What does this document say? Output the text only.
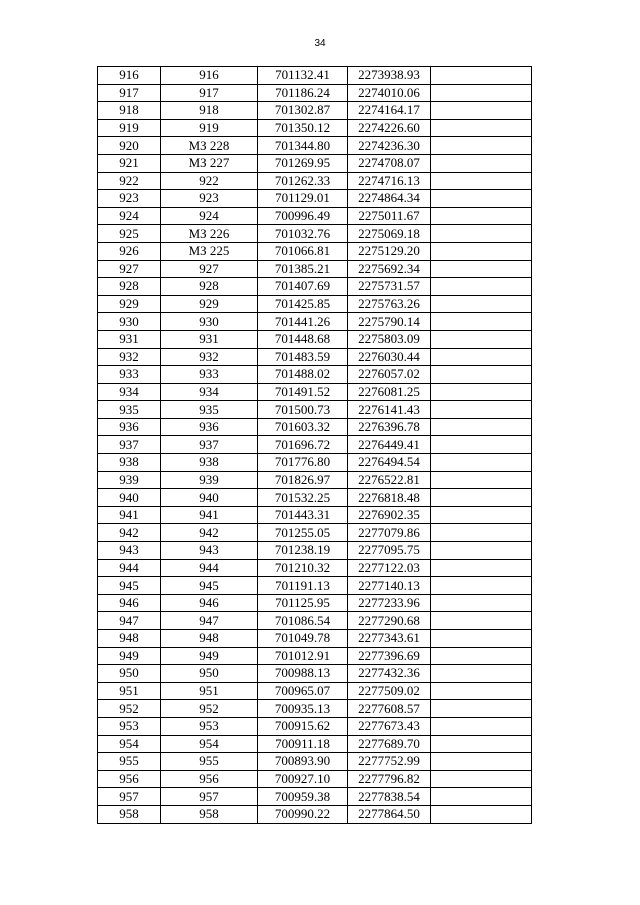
34
916	916	701132.41	2273938.93	
917	917	701186.24	2274010.06	
918	918	701302.87	2274164.17	
919	919	701350.12	2274226.60	
920	МЗ 228	701344.80	2274236.30	
921	МЗ 227	701269.95	2274708.07	
922	922	701262.33	2274716.13	
923	923	701129.01	2274864.34	
924	924	700996.49	2275011.67	
925	МЗ 226	701032.76	2275069.18	
926	МЗ 225	701066.81	2275129.20	
927	927	701385.21	2275692.34	
928	928	701407.69	2275731.57	
929	929	701425.85	2275763.26	
930	930	701441.26	2275790.14	
931	931	701448.68	2275803.09	
932	932	701483.59	2276030.44	
933	933	701488.02	2276057.02	
934	934	701491.52	2276081.25	
935	935	701500.73	2276141.43	
936	936	701603.32	2276396.78	
937	937	701696.72	2276449.41	
938	938	701776.80	2276494.54	
939	939	701826.97	2276522.81	
940	940	701532.25	2276818.48	
941	941	701443.31	2276902.35	
942	942	701255.05	2277079.86	
943	943	701238.19	2277095.75	
944	944	701210.32	2277122.03	
945	945	701191.13	2277140.13	
946	946	701125.95	2277233.96	
947	947	701086.54	2277290.68	
948	948	701049.78	2277343.61	
949	949	701012.91	2277396.69	
950	950	700988.13	2277432.36	
951	951	700965.07	2277509.02	
952	952	700935.13	2277608.57	
953	953	700915.62	2277673.43	
954	954	700911.18	2277689.70	
955	955	700893.90	2277752.99	
956	956	700927.10	2277796.82	
957	957	700959.38	2277838.54	
958	958	700990.22	2277864.50	
